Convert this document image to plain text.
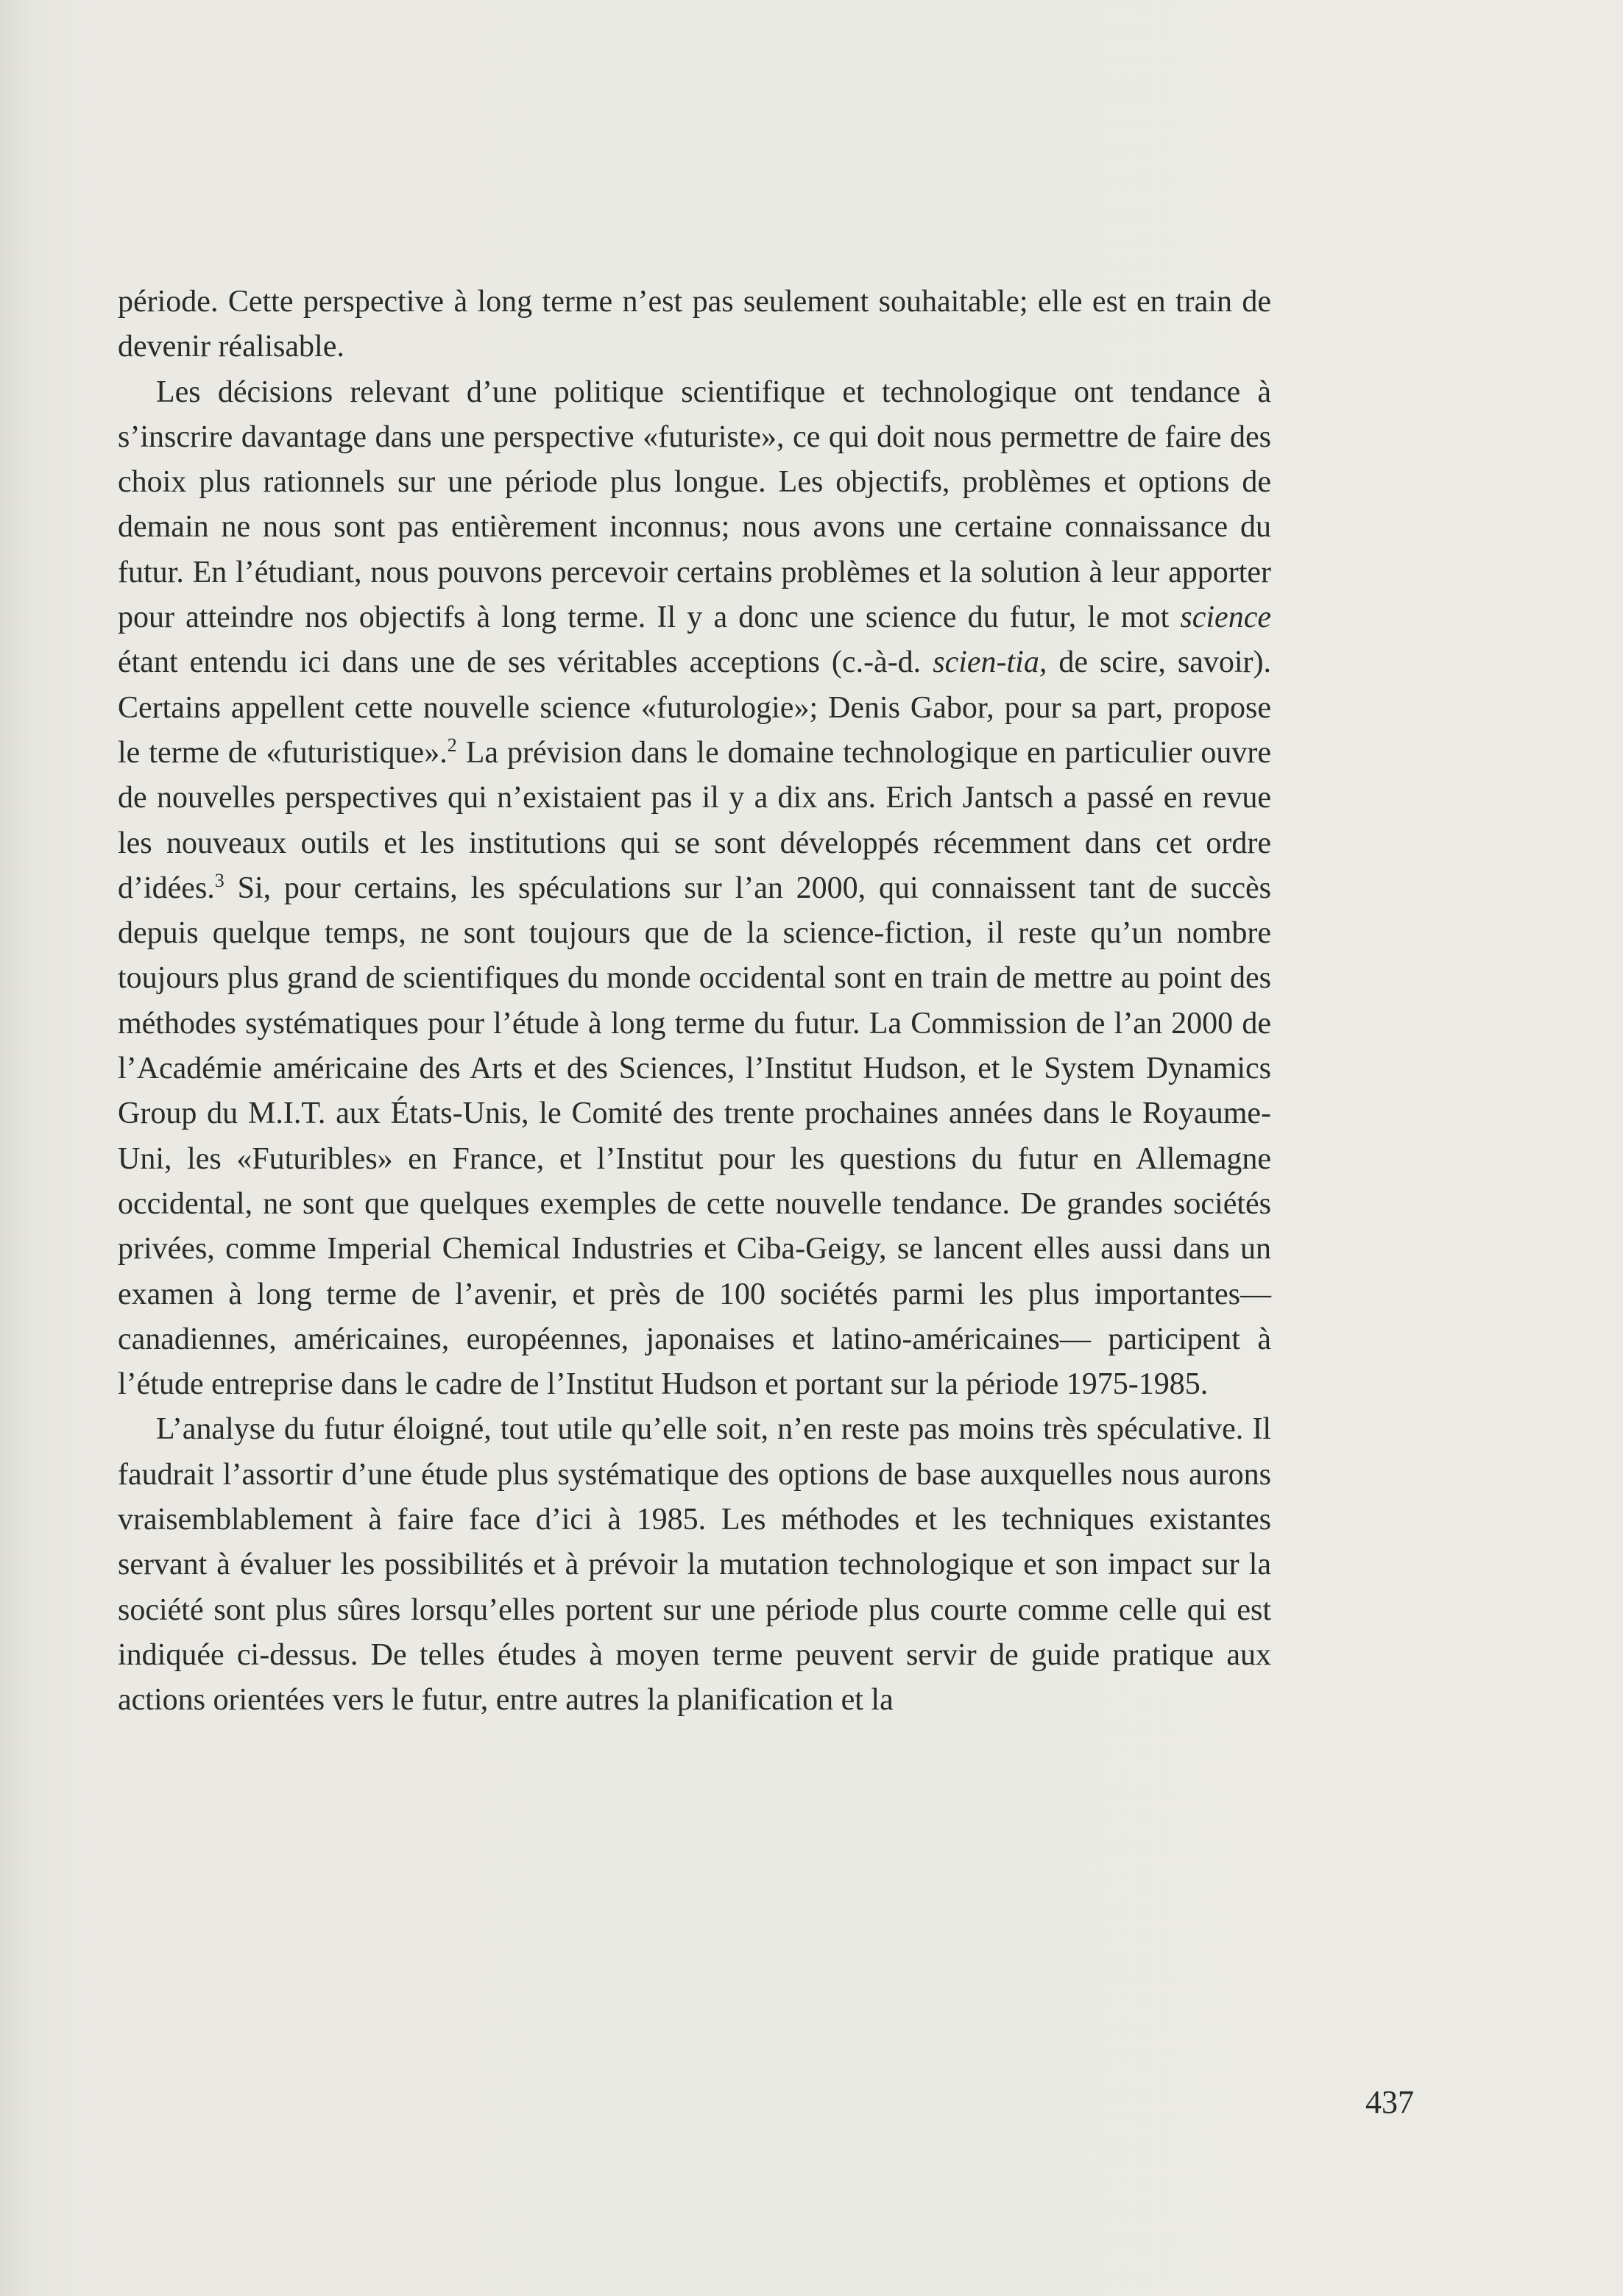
période. Cette perspective à long terme n’est pas seulement souhaitable; elle est en train de devenir réalisable.

Les décisions relevant d’une politique scientifique et technologique ont tendance à s’inscrire davantage dans une perspective «futuriste», ce qui doit nous permettre de faire des choix plus rationnels sur une période plus longue. Les objectifs, problèmes et options de demain ne nous sont pas entièrement inconnus; nous avons une certaine connaissance du futur. En l’étudiant, nous pouvons percevoir certains problèmes et la solution à leur apporter pour atteindre nos objectifs à long terme. Il y a donc une science du futur, le mot science étant entendu ici dans une de ses véritables acceptions (c.-à-d. scien-tia, de scire, savoir). Certains appellent cette nouvelle science «futurologie»; Denis Gabor, pour sa part, propose le terme de «futuristique».$^2$ La prévision dans le domaine technologique en particulier ouvre de nouvelles perspectives qui n’existaient pas il y a dix ans. Erich Jantsch a passé en revue les nouveaux outils et les institutions qui se sont développés récemment dans cet ordre d’idées.$^3$ Si, pour certains, les spéculations sur l’an 2000, qui connaissent tant de succès depuis quelque temps, ne sont toujours que de la science-fiction, il reste qu’un nombre toujours plus grand de scientifiques du monde occidental sont en train de mettre au point des méthodes systématiques pour l’étude à long terme du futur. La Commission de l’an 2000 de l’Académie américaine des Arts et des Sciences, l’Institut Hudson, et le System Dynamics Group du M.I.T. aux États-Unis, le Comité des trente prochaines années dans le Royaume-Uni, les «Futuribles» en France, et l’Institut pour les questions du futur en Allemagne occidental, ne sont que quelques exemples de cette nouvelle tendance. De grandes sociétés privées, comme Imperial Chemical Industries et Ciba-Geigy, se lancent elles aussi dans un examen à long terme de l’avenir, et près de 100 sociétés parmi les plus importantes— canadiennes, américaines, européennes, japonaises et latino-américaines— participent à l’étude entreprise dans le cadre de l’Institut Hudson et portant sur la période 1975-1985.

L’analyse du futur éloigné, tout utile qu’elle soit, n’en reste pas moins très spéculative. Il faudrait l’assortir d’une étude plus systématique des options de base auxquelles nous aurons vraisemblablement à faire face d’ici à 1985. Les méthodes et les techniques existantes servant à évaluer les possibilités et à prévoir la mutation technologique et son impact sur la société sont plus sûres lorsqu’elles portent sur une période plus courte comme celle qui est indiquée ci-dessus. De telles études à moyen terme peuvent servir de guide pratique aux actions orientées vers le futur, entre autres la planification et la

437
